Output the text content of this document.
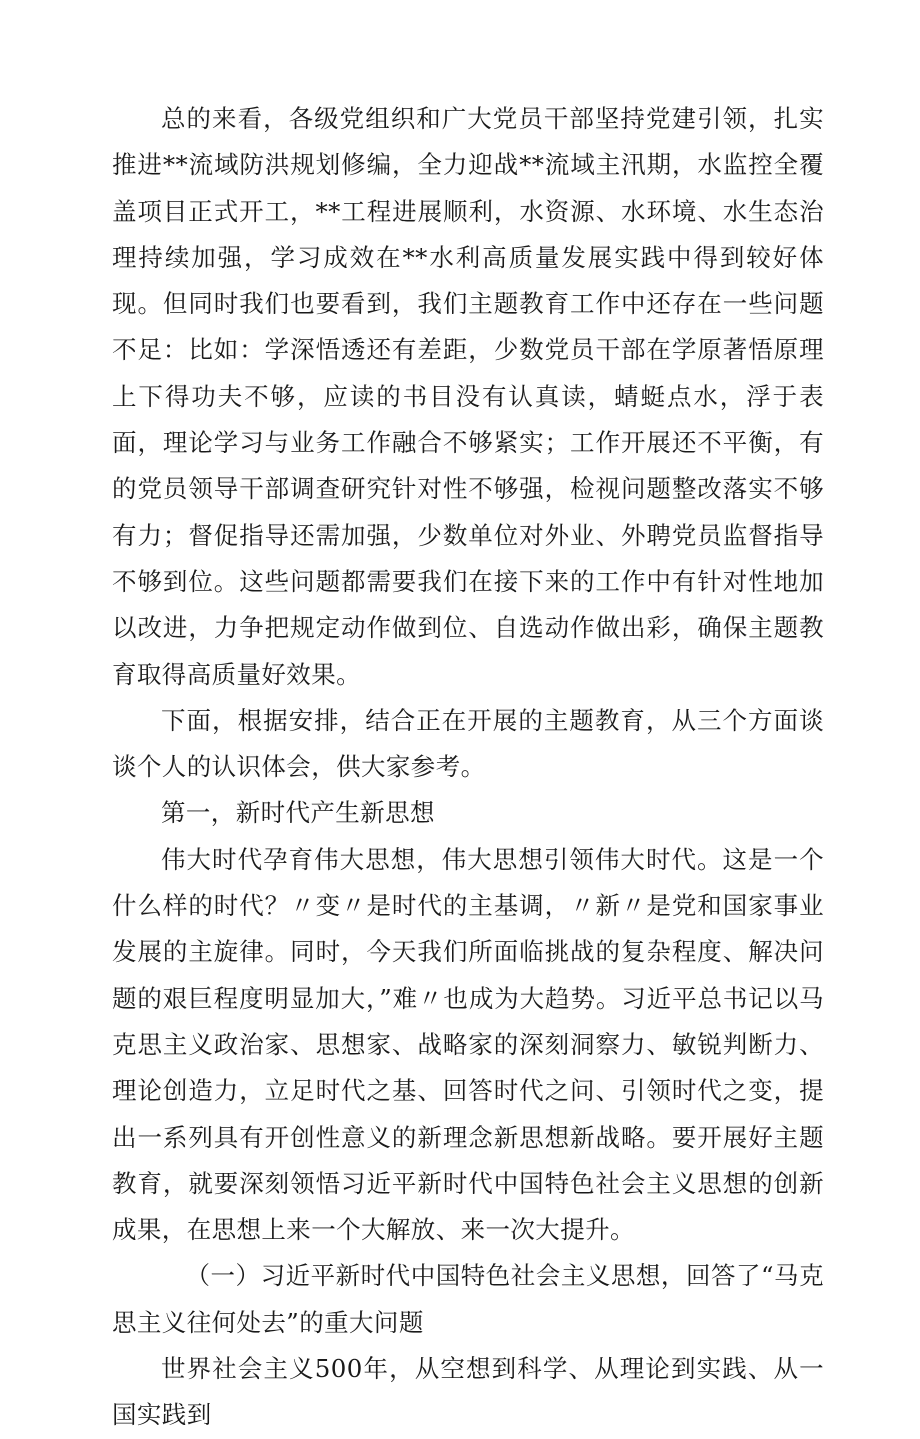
总的来看，各级党组织和广大党员干部坚持党建引领，扎实推进**流域防洪规划修编，全力迎战**流域主汛期，水监控全覆盖项目正式开工，**工程进展顺利，水资源、水环境、水生态治理持续加强，学习成效在**水利高质量发展实践中得到较好体现。但同时我们也要看到，我们主题教育工作中还存在一些问题不足：比如：学深悟透还有差距，少数党员干部在学原著悟原理上下得功夫不够，应读的书目没有认真读，蜻蜓点水，浮于表面，理论学习与业务工作融合不够紧实；工作开展还不平衡，有的党员领导干部调查研究针对性不够强，检视问题整改落实不够有力；督促指导还需加强，少数单位对外业、外聘党员监督指导不够到位。这些问题都需要我们在接下来的工作中有针对性地加以改进，力争把规定动作做到位、自选动作做出彩，确保主题教育取得高质量好效果。

下面，根据安排，结合正在开展的主题教育，从三个方面谈谈个人的认识体会，供大家参考。

第一，新时代产生新思想

伟大时代孕育伟大思想，伟大思想引领伟大时代。这是一个什么样的时代？〃变〃是时代的主基调，〃新〃是党和国家事业发展的主旋律。同时，今天我们所面临挑战的复杂程度、解决问题的艰巨程度明显加大，”难〃也成为大趋势。习近平总书记以马克思主义政治家、思想家、战略家的深刻洞察力、敏锐判断力、理论创造力，立足时代之基、回答时代之问、引领时代之变，提出一系列具有开创性意义的新理念新思想新战略。要开展好主题教育，就要深刻领悟习近平新时代中国特色社会主义思想的创新成果，在思想上来一个大解放、来一次大提升。

（一）习近平新时代中国特色社会主义思想，回答了“马克思主义往何处去”的重大问题

世界社会主义500年，从空想到科学、从理论到实践、从一国实践到
